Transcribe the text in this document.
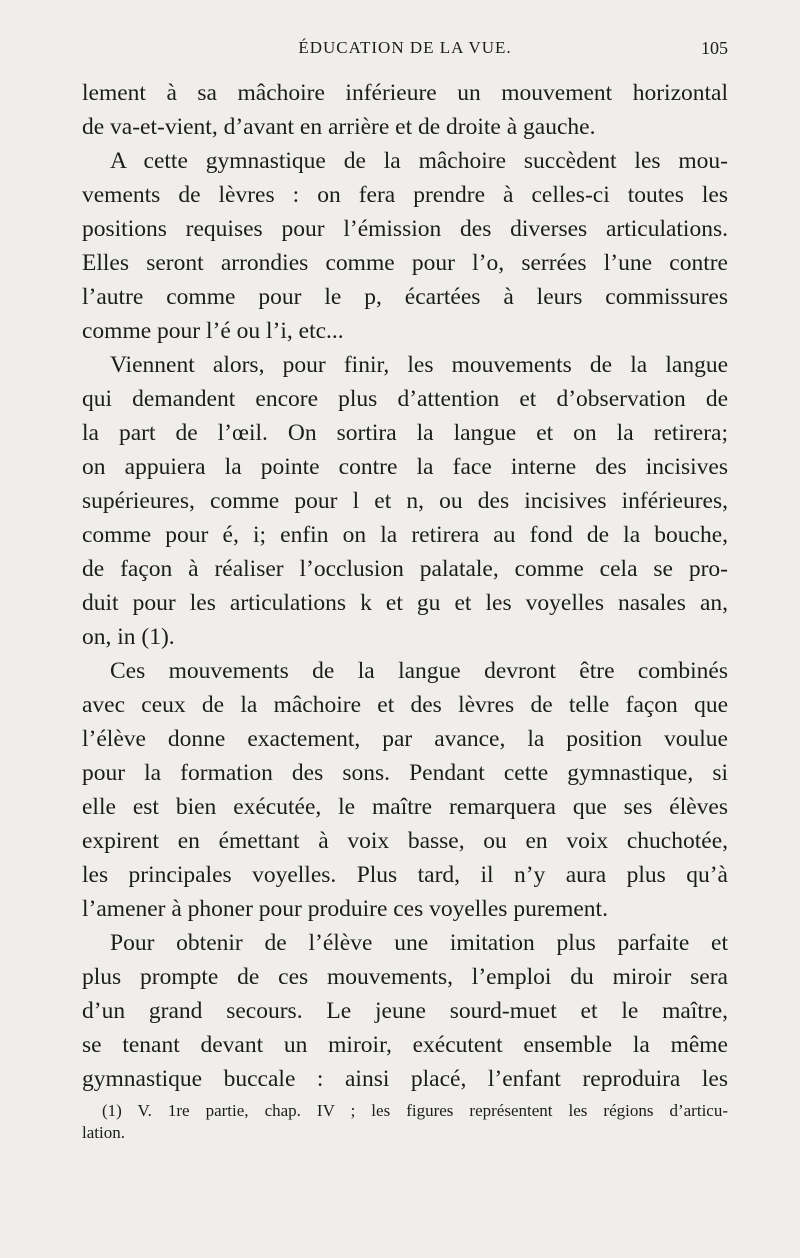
ÉDUCATION DE LA VUE.	105
lement à sa mâchoire inférieure un mouvement horizontal
de va-et-vient, d’avant en arrière et de droite à gauche.
A cette gymnastique de la mâchoire succèdent les mou-
vements de lèvres : on fera prendre à celles-ci toutes les
positions requises pour l’émission des diverses articulations.
Elles seront arrondies comme pour l’o, serrées l’une contre
l’autre comme pour le p, écartées à leurs commissures
comme pour l’é ou l’i, etc...
Viennent alors, pour finir, les mouvements de la langue
qui demandent encore plus d’attention et d’observation de
la part de l’œil. On sortira la langue et on la retirera;
on appuiera la pointe contre la face interne des incisives
supérieures, comme pour l et n, ou des incisives inférieures,
comme pour é, i; enfin on la retirera au fond de la bouche,
de façon à réaliser l’occlusion palatale, comme cela se pro-
duit pour les articulations k et gu et les voyelles nasales an,
on, in (1).
Ces mouvements de la langue devront être combinés
avec ceux de la mâchoire et des lèvres de telle façon que
l’élève donne exactement, par avance, la position voulue
pour la formation des sons. Pendant cette gymnastique, si
elle est bien exécutée, le maître remarquera que ses élèves
expirent en émettant à voix basse, ou en voix chuchotée,
les principales voyelles. Plus tard, il n’y aura plus qu’à
l’amener à phoner pour produire ces voyelles purement.
Pour obtenir de l’élève une imitation plus parfaite et
plus prompte de ces mouvements, l’emploi du miroir sera
d’un grand secours. Le jeune sourd-muet et le maître,
se tenant devant un miroir, exécutent ensemble la même
gymnastique buccale : ainsi placé, l’enfant reproduira les
(1) V. 1re partie, chap. IV ; les figures représentent les régions d’articu-
lation.
